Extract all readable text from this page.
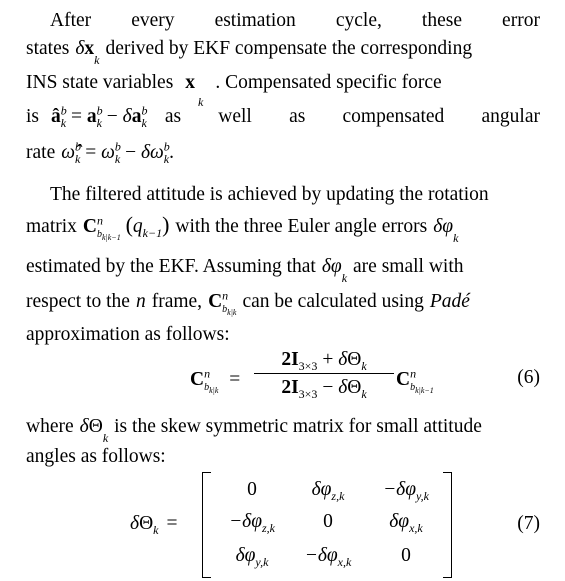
After every estimation cycle, these error
states δx
k
derived by EKF compensate the corresponding
INS state variables x
$_k$
. Compensated specific force
is $â^b_k = a^b_k - \delta a^b_k$ as well as compensated angular
rate ω̂$^b_k$ = $\omega^b_k - \delta\omega^b_k$ .
The filtered attitude is achieved by updating the rotation
matrix $C^n_{b_{k|k-1}}$ $(q_{k-1})$ with the three Euler angle errors δφ
k
estimated by the EKF. Assuming that δφ
k
are small with
respect to the n frame, $C^n_{b_{k|k}}$
can be calculated using Padé
approximation as follows:
$C^n_{b_{k|k}}$ =
$2I_{3\times 3} + \delta\Theta_k$
$2I_{3\times 3} - \delta\Theta_k$
$C^n_{b_{k|k-1}}$
(6)
where δ Θ
k
is the skew symmetric matrix for small attitude
angles as follows:
$\delta\Theta_k$ =
0	$\delta\varphi_{z,k}$	$-\delta\varphi_{y,k}$
$-\delta\varphi_{z,k}$	0	$\delta\varphi_{x,k}$
$\delta\varphi_{y,k}$	$-\delta\varphi_{x,k}$	0
(7)
